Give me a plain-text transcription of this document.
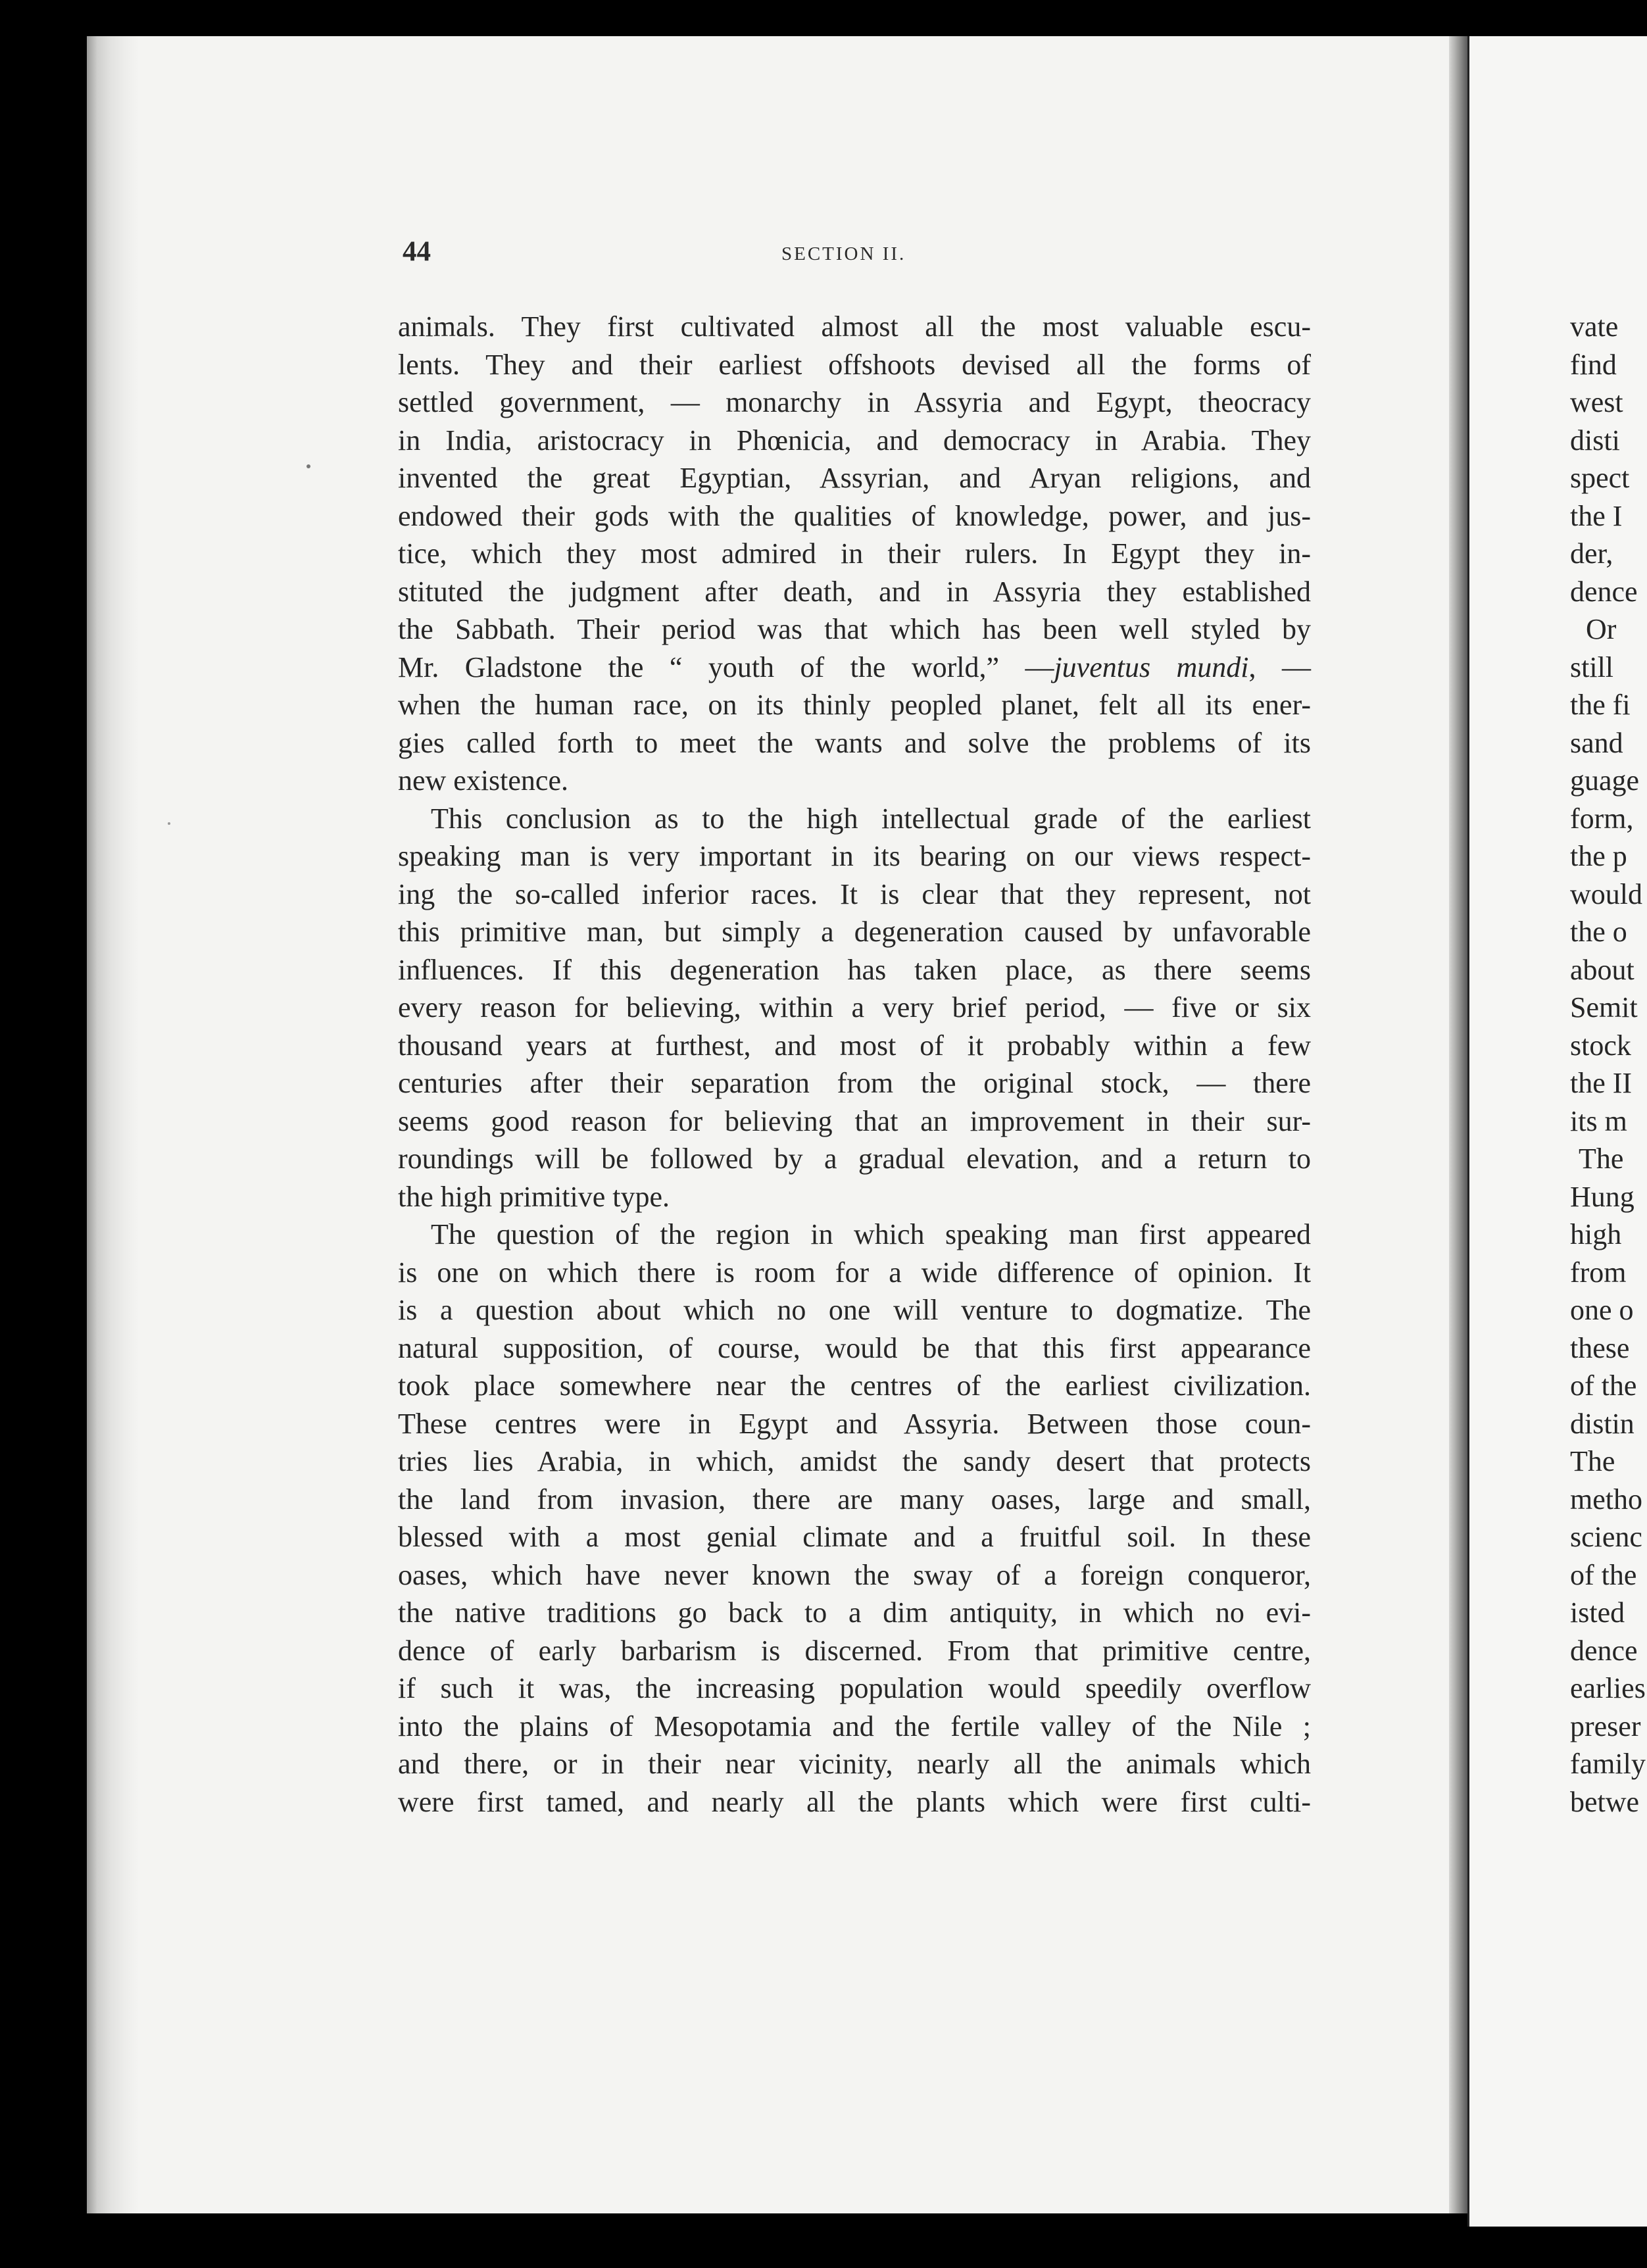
44	SECTION II.
animals. They first cultivated almost all the most valuable escu-
lents. They and their earliest offshoots devised all the forms of
settled government, — monarchy in Assyria and Egypt, theocracy
in India, aristocracy in Phœnicia, and democracy in Arabia. They
invented the great Egyptian, Assyrian, and Aryan religions, and
endowed their gods with the qualities of knowledge, power, and jus-
tice, which they most admired in their rulers. In Egypt they in-
stituted the judgment after death, and in Assyria they established
the Sabbath. Their period was that which has been well styled by
Mr. Gladstone the “ youth of the world,” —juventus mundi, —
when the human race, on its thinly peopled planet, felt all its ener-
gies called forth to meet the wants and solve the problems of its
new existence.
This conclusion as to the high intellectual grade of the earliest
speaking man is very important in its bearing on our views respect-
ing the so-called inferior races. It is clear that they represent, not
this primitive man, but simply a degeneration caused by unfavorable
influences. If this degeneration has taken place, as there seems
every reason for believing, within a very brief period, — five or six
thousand years at furthest, and most of it probably within a few
centuries after their separation from the original stock, — there
seems good reason for believing that an improvement in their sur-
roundings will be followed by a gradual elevation, and a return to
the high primitive type.
The question of the region in which speaking man first appeared
is one on which there is room for a wide difference of opinion. It
is a question about which no one will venture to dogmatize. The
natural supposition, of course, would be that this first appearance
took place somewhere near the centres of the earliest civilization.
These centres were in Egypt and Assyria. Between those coun-
tries lies Arabia, in which, amidst the sandy desert that protects
the land from invasion, there are many oases, large and small,
blessed with a most genial climate and a fruitful soil. In these
oases, which have never known the sway of a foreign conqueror,
the native traditions go back to a dim antiquity, in which no evi-
dence of early barbarism is discerned. From that primitive centre,
if such it was, the increasing population would speedily overflow
into the plains of Mesopotamia and the fertile valley of the Nile ;
and there, or in their near vicinity, nearly all the animals which
were first tamed, and nearly all the plants which were first culti-
vate
find
west
disti
spect
the I
der,
dence
Or
still
the fi
sand
guage
form,
the p
would
the o
about
Semit
stock
the II
its m
The
Hung
high
from
one o
these
of the
distin
The
metho
scienc
of the
isted
dence
earlies
preser
family
betwe
